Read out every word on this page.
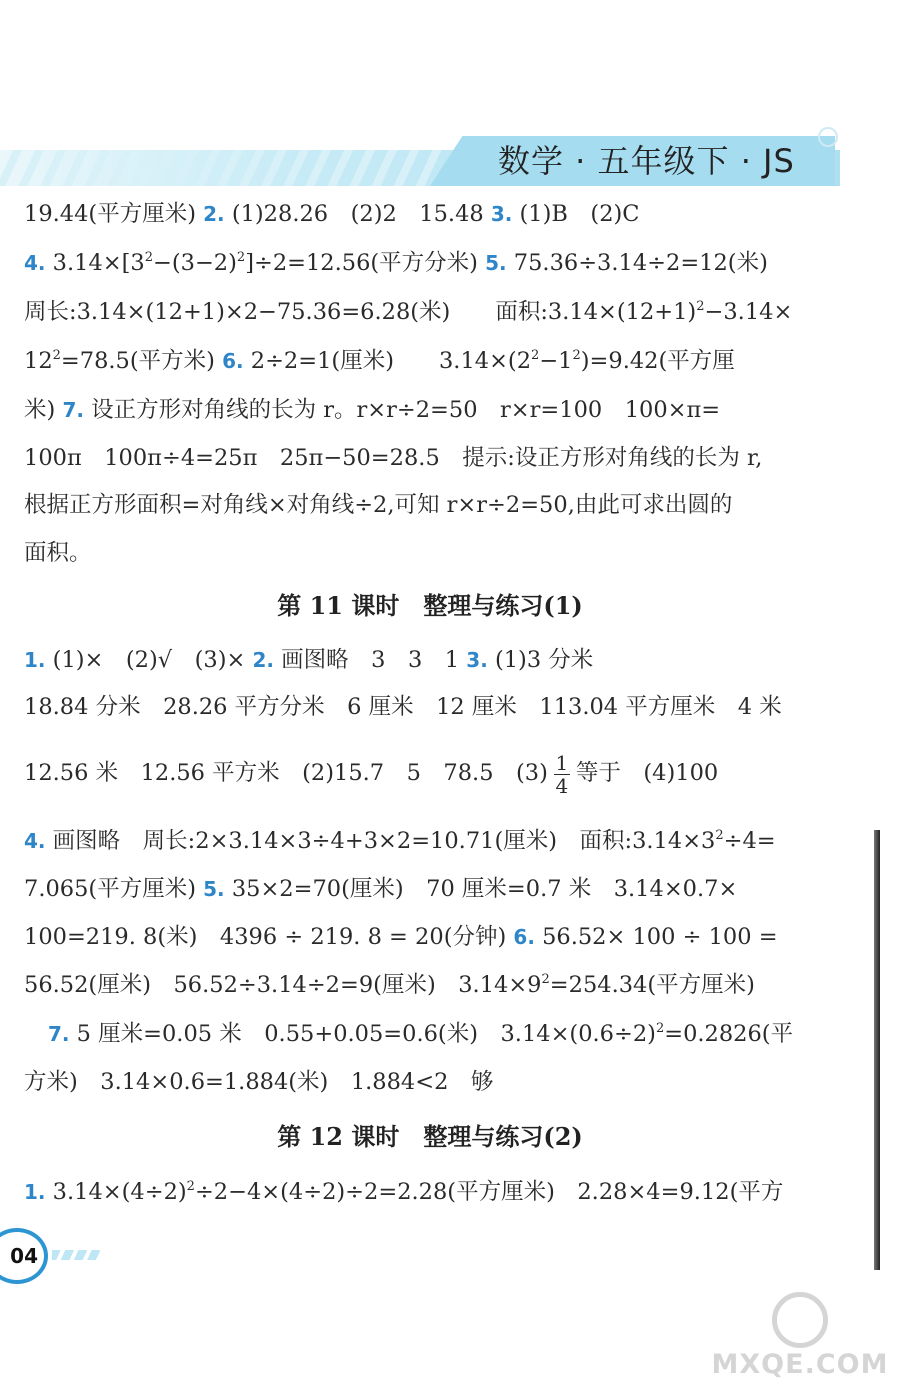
数学 · 五年级下 · JS
19.44(平方厘米) 2. (1)28.26　(2)2　15.48 3. (1)B　(2)C
4. $3.14\times[3^2-(3-2)^2]\div 2=12.56$(平方分米) 5. 75.36÷3.14÷2=12(米)
周长:3.14×(12+1)×2−75.36=6.28(米)　　面积$:3.14\times(12+1)^2-3.14\times$
$12^2=78.5$(平方米) 6. 2÷2=1(厘米)　　$3.14\times(2^2-1^2)=9.42$(平方厘
米) 7. 设正方形对角线的长为 r。r×r÷2=50　r×r=100　100×π=
100π　100π÷4=25π　25π−50=28.5　提示:设正方形对角线的长为 r,
根据正方形面积=对角线×对角线÷2,可知 r×r÷2=50,由此可求出圆的
面积。
第 11 课时　整理与练习(1)
1. (1)×　(2)√　(3)× 2. 画图略　3　3　1 3. (1)3 分米
18.84 分米　28.26 平方分米　6 厘米　12 厘米　113.04 平方厘米　4 米
12.56 米　12.56 平方米　(2)15.7　5　78.5　$(3) \frac{1}{4}$ 等于　(4)100
4. 画图略　周长:2×3.14×3÷4+3×2=10.71(厘米)　面积$:3.14\times 3^2\div 4=$
7.065(平方厘米) 5. 35×2=70(厘米)　70 厘米=0.7 米　3.14×0.7×
100=219. 8(米)　4396 ÷ 219. 8 = 20(分钟) 6. 56.52× 100 ÷ 100 =
56.52(厘米)　56.52÷3.14÷2=9(厘米)　$3.14\times 9^2=254.34$(平方厘米)
7. 5 厘米=0.05 米　0.55+0.05=0.6(米)　$3.14\times(0.6\div 2)^2=0.2826$(平
方米)　3.14×0.6=1.884(米)　1.884<2　够
第 12 课时　整理与练习(2)
1. $3.14\times(4\div 2)^2\div 2-4\times(4\div 2)\div 2=2.28$(平方厘米)　2.28×4=9.12(平方
04
MXQE.COM
